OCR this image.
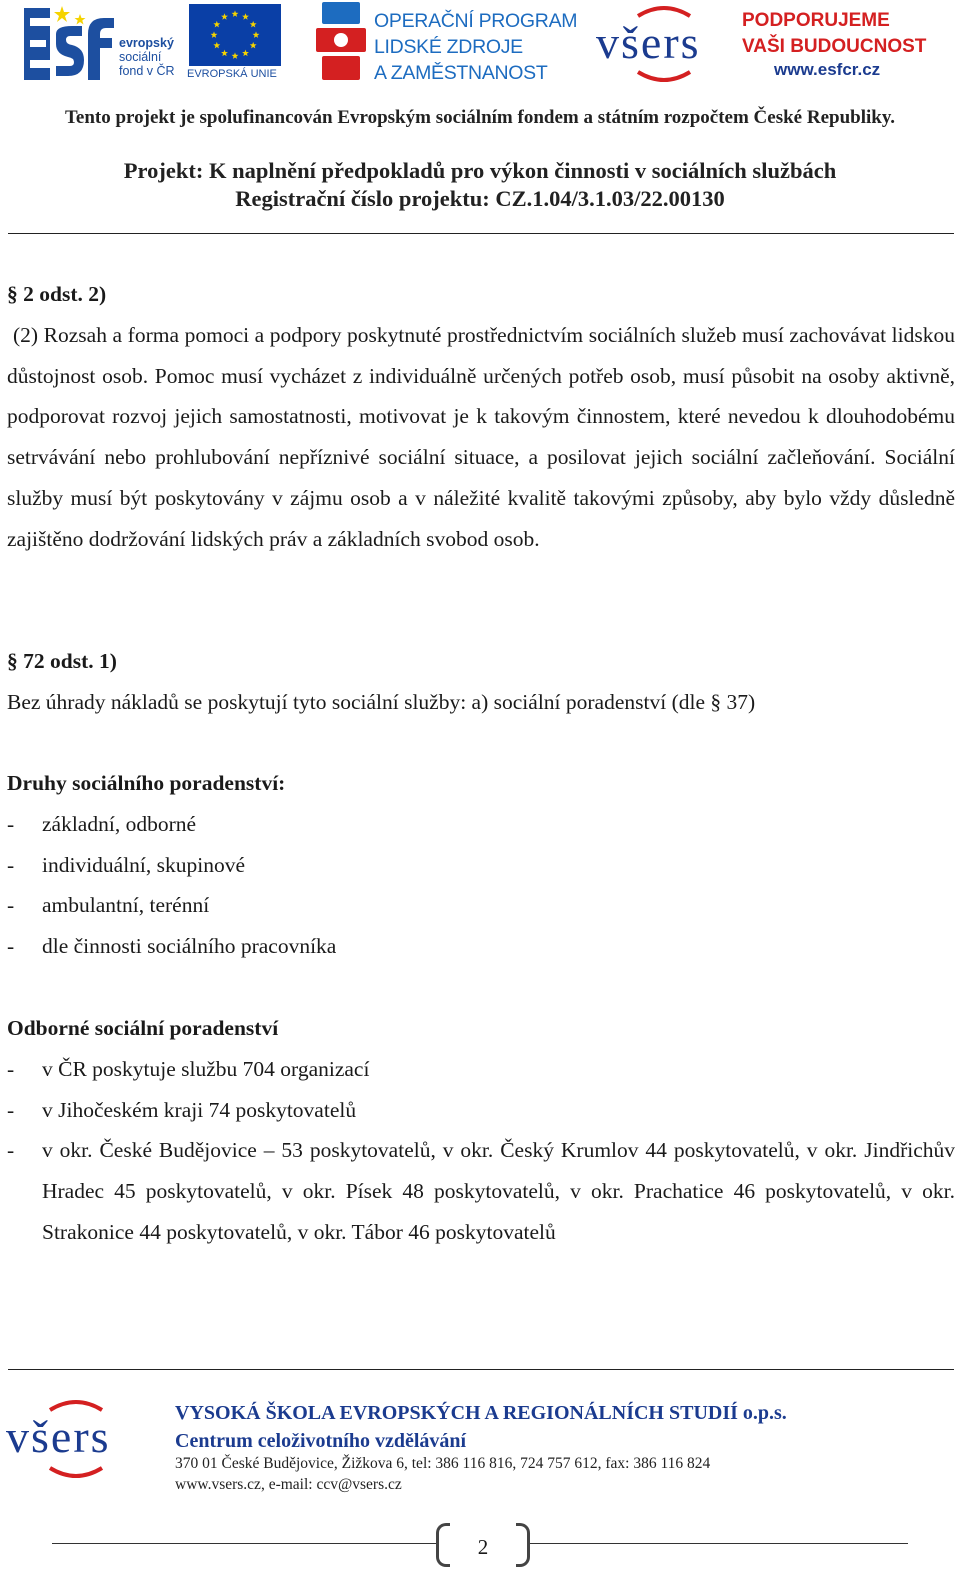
evropský
sociální
fond v ČR EVROPSKÁ UNIE
OPERAČNÍ PROGRAM
LIDSKÉ ZDROJE
A ZAMĚSTNANOST
všers PODPORUJEME
VAŠI BUDOUCNOST
www.esfcr.cz
Tento projekt je spolufinancován Evropským sociálním fondem a státním rozpočtem České Republiky.
Projekt: K naplnění předpokladů pro výkon činnosti v sociálních službách
Registrační číslo projektu: CZ.1.04/3.1.03/22.00130
§ 2 odst. 2)
(2) Rozsah a forma pomoci a podpory poskytnuté prostřednictvím sociálních služeb musí zachovávat lidskou důstojnost osob. Pomoc musí vycházet z individuálně určených potřeb osob, musí působit na osoby aktivně, podporovat rozvoj jejich samostatnosti, motivovat je k takovým činnostem, které nevedou k dlouhodobému setrvávání nebo prohlubování nepříznivé sociální situace, a posilovat jejich sociální začleňování. Sociální služby musí být poskytovány v zájmu osob a v náležité kvalitě takovými způsoby, aby bylo vždy důsledně zajištěno dodržování lidských práv a základních svobod osob.
§ 72 odst. 1)
Bez úhrady nákladů se poskytují tyto sociální služby: a) sociální poradenství (dle § 37)
Druhy sociálního poradenství:
- základní, odborné
- individuální, skupinové
- ambulantní, terénní
- dle činnosti sociálního pracovníka
Odborné sociální poradenství
- v ČR poskytuje službu 704 organizací
- v Jihočeském kraji 74 poskytovatelů
- v okr. České Budějovice – 53 poskytovatelů, v okr. Český Krumlov 44 poskytovatelů, v okr. Jindřichův Hradec 45 poskytovatelů, v okr. Písek 48 poskytovatelů, v okr. Prachatice 46 poskytovatelů, v okr. Strakonice 44 poskytovatelů, v okr. Tábor 46 poskytovatelů
všers	VYSOKÁ ŠKOLA EVROPSKÝCH A REGIONÁLNÍCH STUDIÍ o.p.s.
Centrum celoživotního vzdělávání
370 01 České Budějovice, Žižkova 6, tel: 386 116 816, 724 757 612, fax: 386 116 824
www.vsers.cz, e-mail: ccv@vsers.cz
2
